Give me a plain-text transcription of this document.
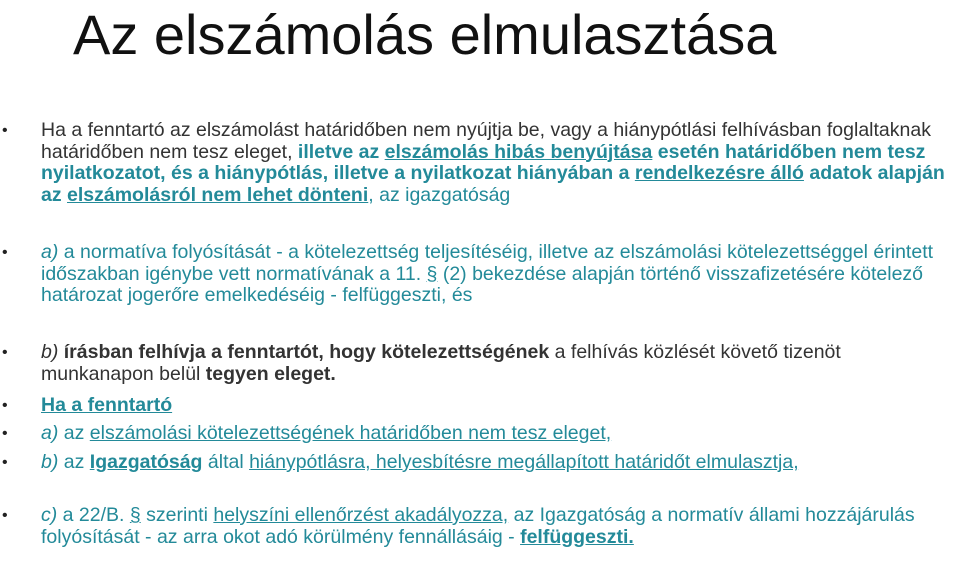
Az elszámolás elmulasztása
•	Ha a fenntartó az elszámolást határidőben nem nyújtja be, vagy a hiánypótlási felhívásban foglaltaknak határidőben nem tesz eleget, illetve az elszámolás hibás benyújtása esetén határidőben nem tesz nyilatkozatot, és a hiánypótlás, illetve a nyilatkozat hiányában a rendelkezésre álló adatok alapján az elszámolásról nem lehet dönteni, az igazgatóság
•	a) a normatíva folyósítását - a kötelezettség teljesítéséig, illetve az elszámolási kötelezettséggel érintett időszakban igénybe vett normatívának a 11. § (2) bekezdése alapján történő visszafizetésére kötelező határozat jogerőre emelkedéséig - felfüggeszti, és
•	b) írásban felhívja a fenntartót, hogy kötelezettségének a felhívás közlését követő tizenöt munkanapon belül tegyen eleget.
•	Ha a fenntartó
•	a) az elszámolási kötelezettségének határidőben nem tesz eleget,
•	b) az Igazgatóság által hiánypótlásra, helyesbítésre megállapított határidőt elmulasztja,
•	c) a 22/B. § szerinti helyszíni ellenőrzést akadályozza, az Igazgatóság a normatív állami hozzájárulás folyósítását - az arra okot adó körülmény fennállásáig - felfüggeszti.
